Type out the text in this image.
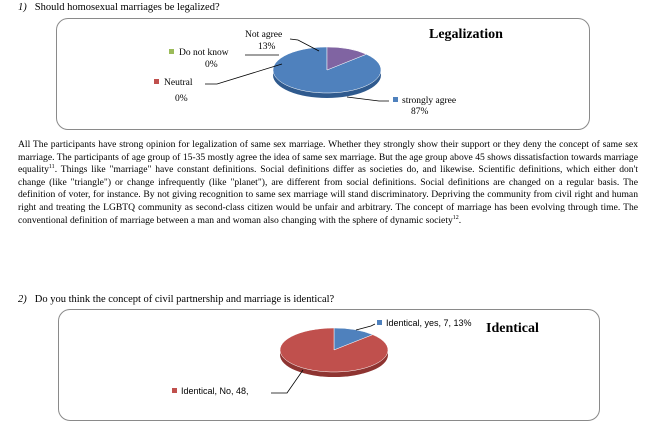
1) Should homosexual marriages be legalized?
Not agree
13%
Do not know
0%
Neutral
0%	strongly agree
87%
Legalization
All The participants have strong opinion for legalization of same sex marriage. Whether they strongly show their support or they deny the concept of same sex marriage. The participants of age group of 15-35 mostly agree the idea of same sex marriage. But the age group above 45 shows dissatisfaction towards marriage equality$^{11}$. Things like "marriage" have constant definitions. Social definitions differ as societies do, and likewise. Scientific definitions, which either don't change (like "triangle") or change infrequently (like "planet"), are different from social definitions. Social definitions are changed on a regular basis. The definition of voter, for instance. By not giving recognition to same sex marriage will stand discriminatory. Depriving the community from civil right and human right and treating the LGBTQ community as second-class citizen would be unfair and arbitrary. The concept of marriage has been evolving through time. The conventional definition of marriage between a man and woman also changing with the sphere of dynamic society$^{12}$.
2) Do you think the concept of civil partnership and marriage is identical?
Identical, yes, 7, 13% Identical
Identical, No, 48,
